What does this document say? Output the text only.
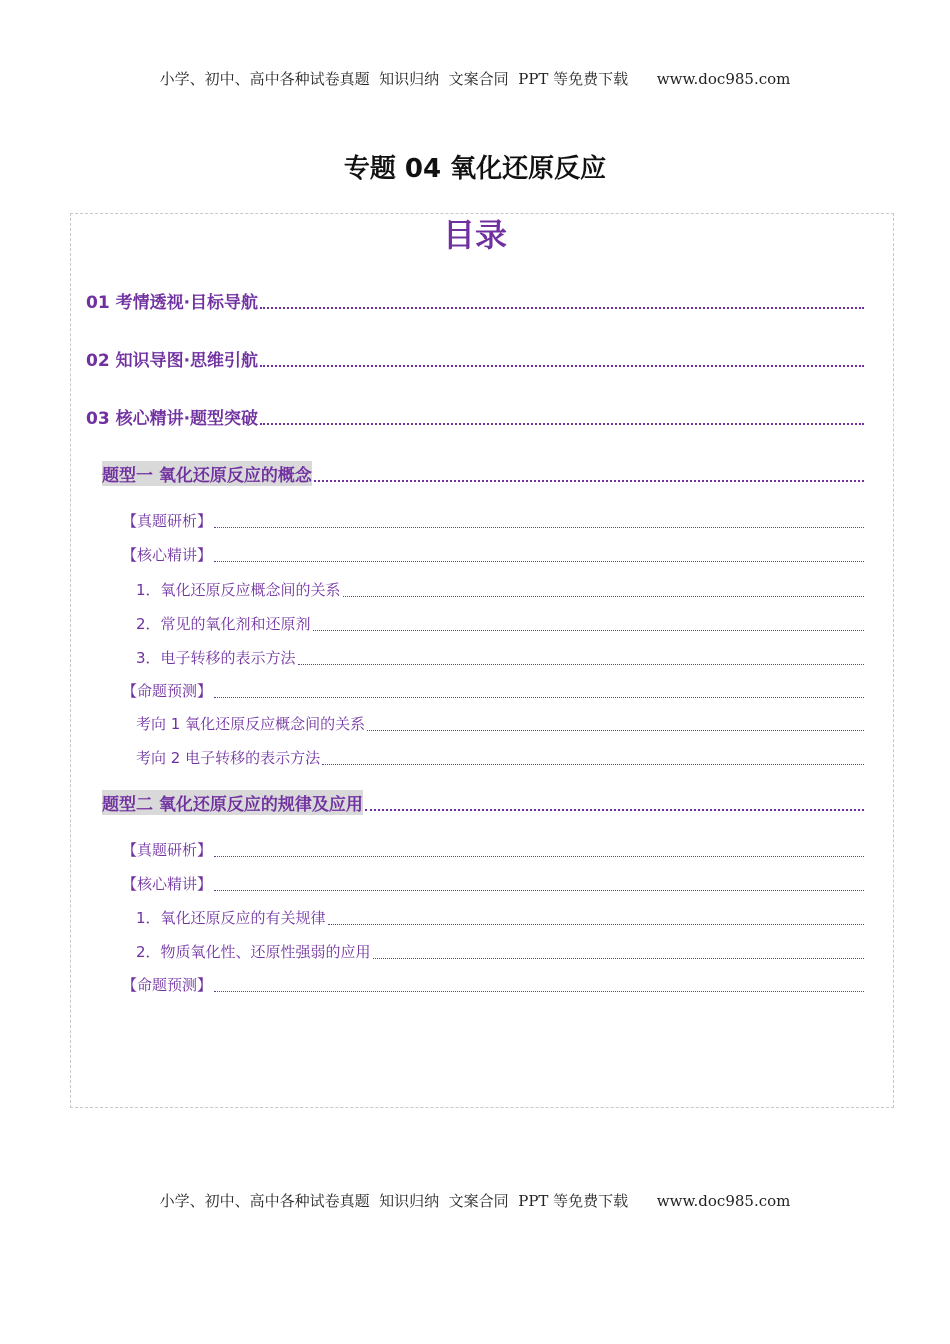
小学、初中、高中各种试卷真题  知识归纳  文案合同  PPT 等免费下载      www.doc985.com
专题 04 氧化还原反应
目录
01 考情透视·目标导航
02 知识导图·思维引航
03 核心精讲·题型突破
题型一 氧化还原反应的概念
【真题研析】
【核心精讲】
1．氧化还原反应概念间的关系
2．常见的氧化剂和还原剂
3．电子转移的表示方法
【命题预测】
考向 1 氧化还原反应概念间的关系
考向 2 电子转移的表示方法
题型二 氧化还原反应的规律及应用
【真题研析】
【核心精讲】
1．氧化还原反应的有关规律
2．物质氧化性、还原性强弱的应用
【命题预测】
小学、初中、高中各种试卷真题  知识归纳  文案合同  PPT 等免费下载      www.doc985.com
